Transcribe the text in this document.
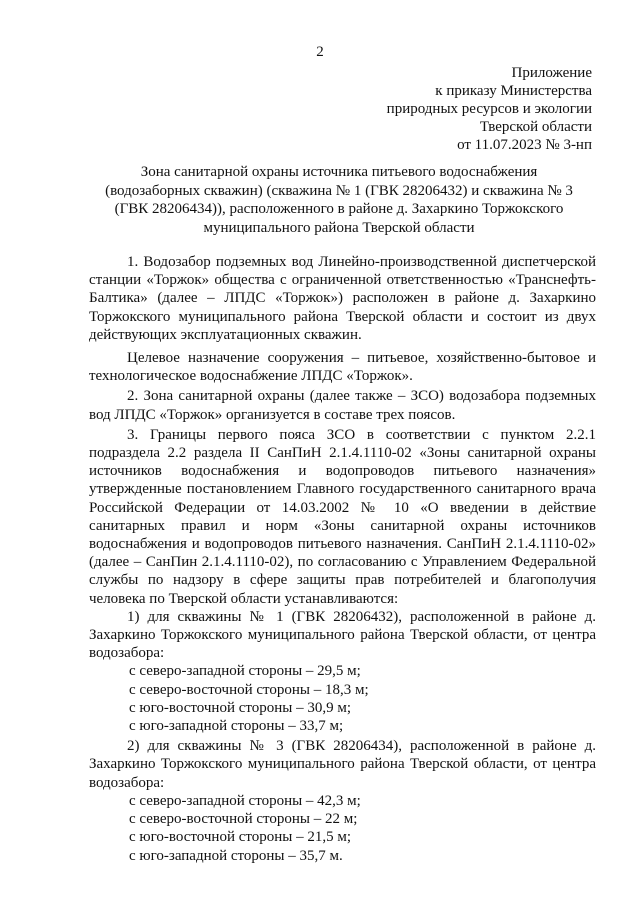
2
Приложение
к приказу Министерства
природных ресурсов и экологии
Тверской области
от 11.07.2023 № 3-нп
Зона санитарной охраны источника питьевого водоснабжения (водозаборных скважин) (скважина № 1 (ГВК 28206432) и скважина № 3 (ГВК 28206434)), расположенного в районе д. Захаркино Торжокского муниципального района Тверской области

1. Водозабор подземных вод Линейно-производственной диспетчерской станции «Торжок» общества с ограниченной ответственностью «Транснефть-Балтика» (далее – ЛПДС «Торжок») расположен в районе д. Захаркино Торжокского муниципального района Тверской области и состоит из двух действующих эксплуатационных скважин.

Целевое назначение сооружения – питьевое, хозяйственно-бытовое и технологическое водоснабжение ЛПДС «Торжок».

2. Зона санитарной охраны (далее также – ЗСО) водозабора подземных вод ЛПДС «Торжок» организуется в составе трех поясов.

3. Границы первого пояса ЗСО в соответствии с пунктом 2.2.1 подраздела 2.2 раздела II СанПиН 2.1.4.1110-02 «Зоны санитарной охраны источников водоснабжения и водопроводов питьевого назначения» утвержденные постановлением Главного государственного санитарного врача Российской Федерации от 14.03.2002 № 10 «О введении в действие санитарных правил и норм «Зоны санитарной охраны источников водоснабжения и водопроводов питьевого назначения. СанПиН 2.1.4.1110-02» (далее – СанПин 2.1.4.1110-02), по согласованию с Управлением Федеральной службы по надзору в сфере защиты прав потребителей и благополучия человека по Тверской области устанавливаются:

1) для скважины № 1 (ГВК 28206432), расположенной в районе д. Захаркино Торжокского муниципального района Тверской области, от центра водозабора:

с северо-западной стороны – 29,5 м;

с северо-восточной стороны – 18,3 м;

с юго-восточной стороны – 30,9 м;

с юго-западной стороны – 33,7 м;

2) для скважины № 3 (ГВК 28206434), расположенной в районе д. Захаркино Торжокского муниципального района Тверской области, от центра водозабора:

с северо-западной стороны – 42,3 м;

с северо-восточной стороны – 22 м;

с юго-восточной стороны – 21,5 м;

с юго-западной стороны – 35,7 м.
